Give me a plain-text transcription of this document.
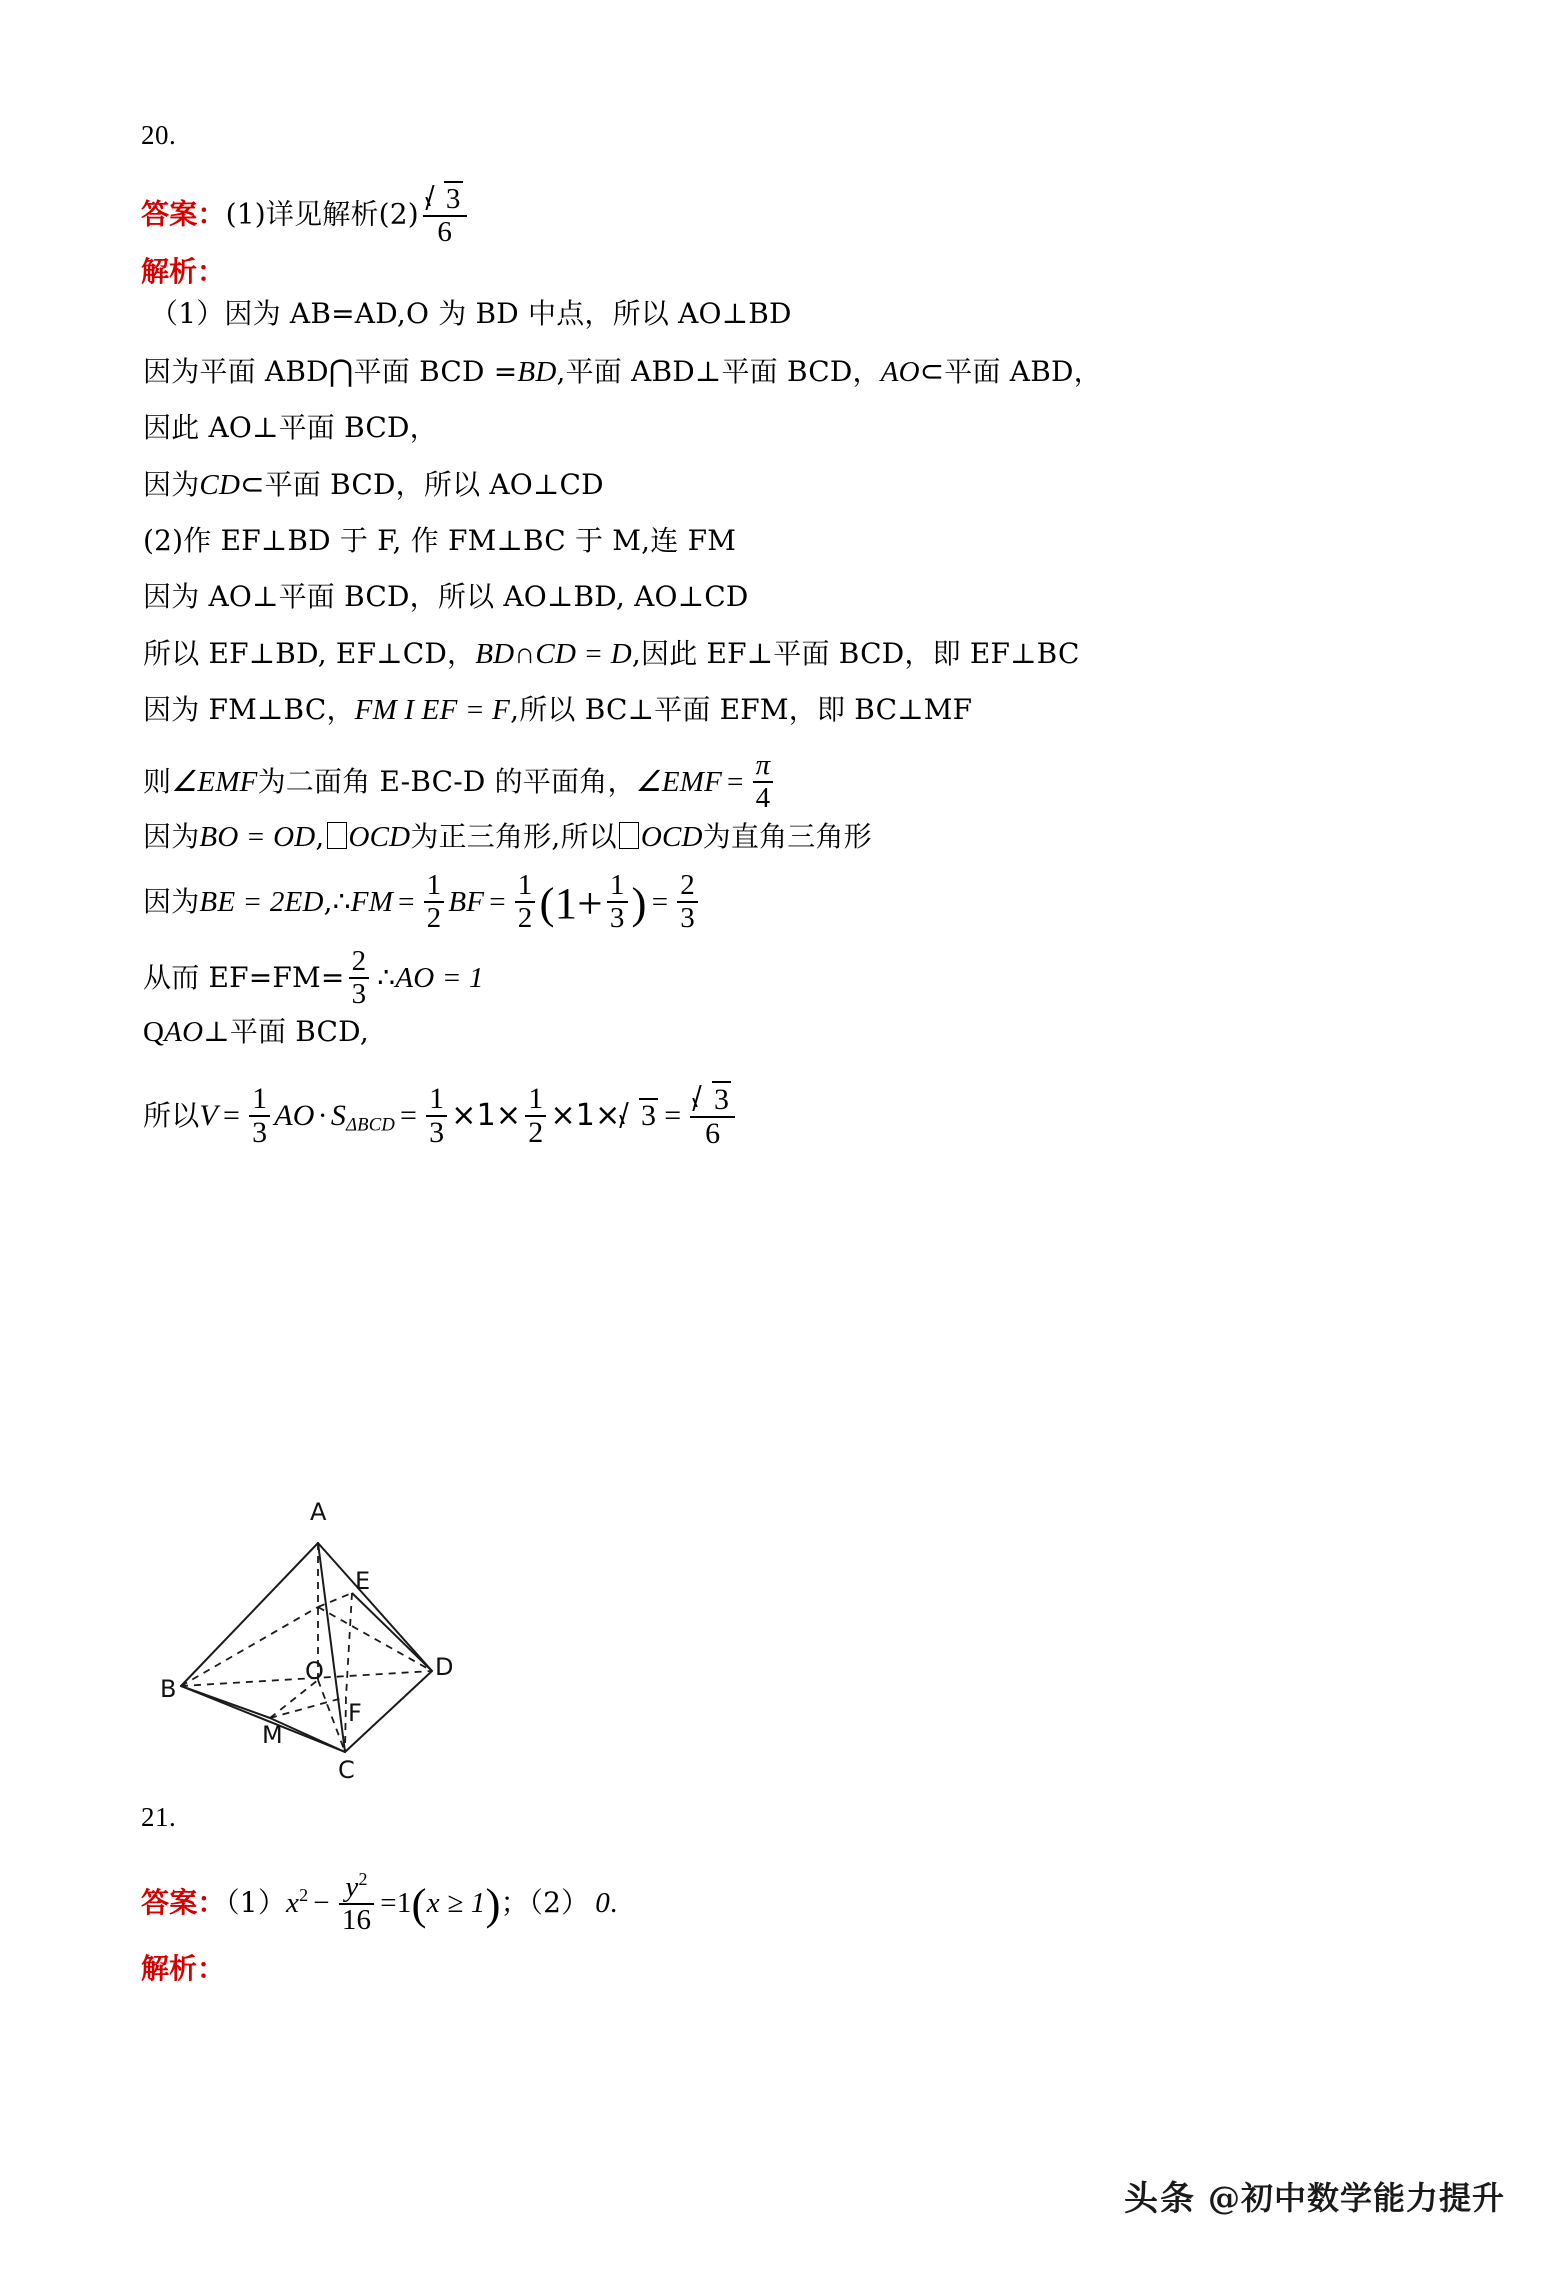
20.
答案：(1)详见解析$(2) \frac{3}{6}$
解析：
（1）因为 AB=AD,O 为 BD 中点，所以 AO⊥BD
因为平面 ABD⋂平面 BCD =BD,平面 ABD⊥平面 BCD，AO⊂平面 ABD，
因此 AO⊥平面 BCD，
因为CD⊂平面 BCD，所以 AO⊥CD
(2)作 EF⊥BD 于 F, 作 FM⊥BC 于 M,连 FM
因为 AO⊥平面 BCD，所以 AO⊥BD, AO⊥CD
所以 EF⊥BD, EF⊥CD，BD∩CD = D,因此 EF⊥平面 BCD，即 EF⊥BC
因为 FM⊥BC，FM I EF = F,所以 BC⊥平面 EFM，即 BC⊥MF
则∠EMF为二面角 E-BC-D 的平面角，∠EMF = $\frac{\pi}{4}$
因为BO = OD, OCD为正三角形,所以 OCD为直角三角形
因为BE = 2ED,∴FM = $\frac{1}{2}$ BF = $\frac{1}{2} (1+ \frac{1}{3}$ ) = $\frac{2}{3}$
从而 $EF=FM= \frac{2}{3}$ ∴AO = 1
QAO⊥平面 BCD,
所以$V = \frac{1}{3}$ AO · $S_{\Delta BCD} = \frac{1}{3} \times 1\times \frac{1}{2} \times 1\times 3 = \frac{3}{6}$
A
B
C
D
E
F
M
O
21.
答案：$(1)x^2 - \frac{y^2}{16} =1(x \ge 1)$；（2） 0.
解析：
头条 @初中数学能力提升
